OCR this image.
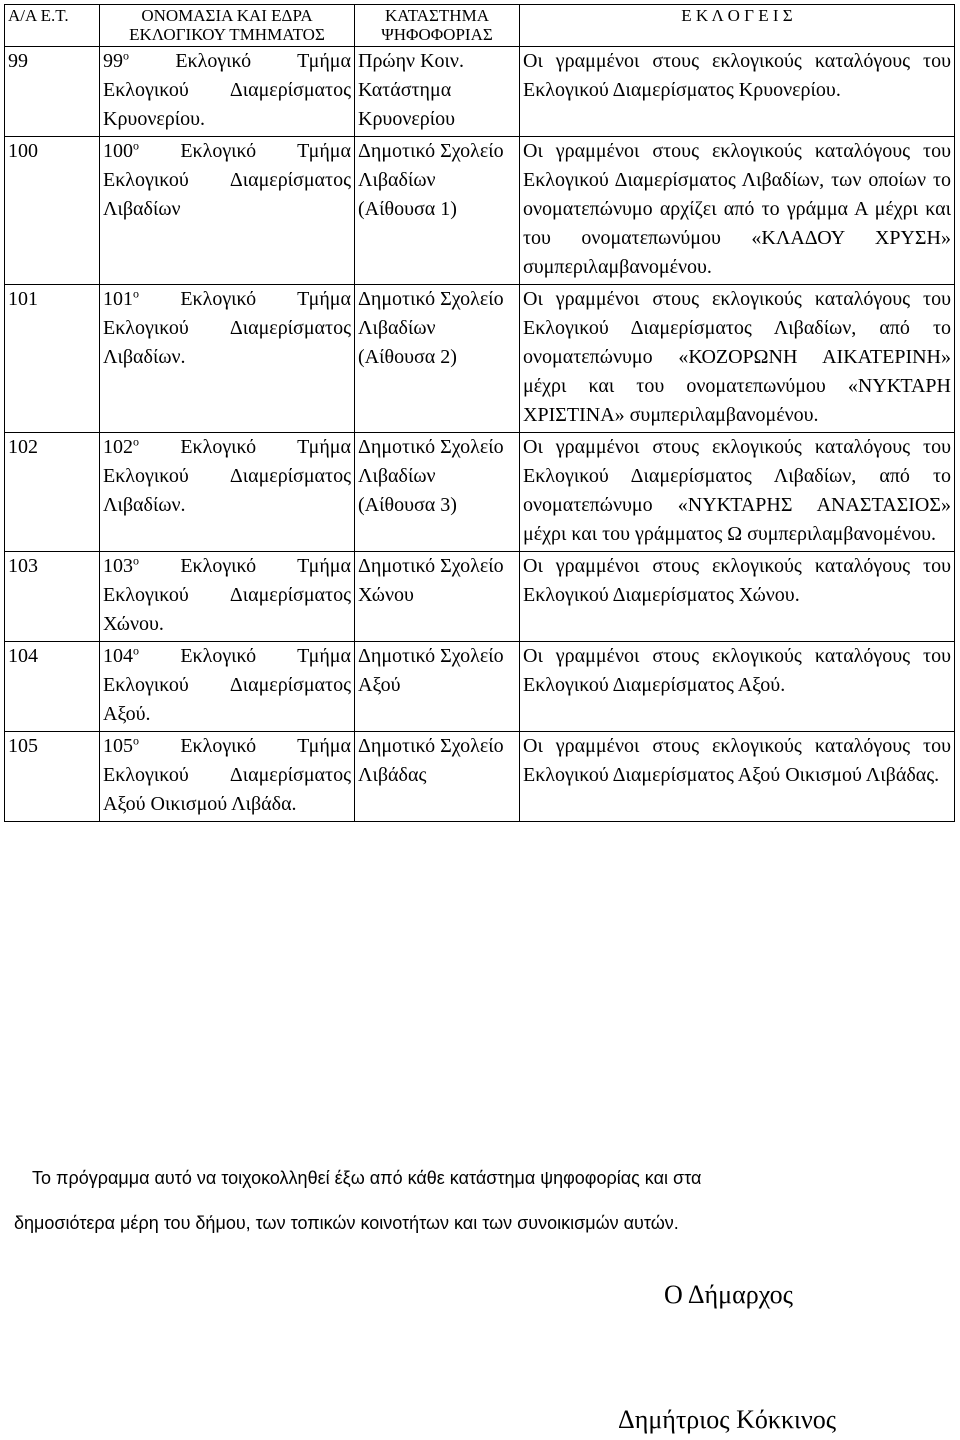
Α/Α Ε.Τ.	ΟΝΟΜΑΣΙΑ ΚΑΙ ΕΔΡΑ ΕΚΛΟΓΙΚΟΥ ΤΜΗΜΑΤΟΣ	ΚΑΤΑΣΤΗΜΑ ΨΗΦΟΦΟΡΙΑΣ	Ε Κ Λ Ο Γ Ε Ι Σ
99	$99^o$ Εκλογικό Τμήμα Εκλογικού Διαμερίσματος Κρυονερίου.	Πρώην Κοιν. Κατάστημα Κρυονερίου	Οι γραμμένοι στους εκλογικούς καταλόγους του Εκλογικού Διαμερίσματος Κρυονερίου.
100	$100^o$ Εκλογικό Τμήμα Εκλογικού Διαμερίσματος Λιβαδίων	Δημοτικό Σχολείο Λιβαδίων (Αίθουσα 1)	Οι γραμμένοι στους εκλογικούς καταλόγους του Εκλογικού Διαμερίσματος Λιβαδίων, των οποίων το ονοματεπώνυμο αρχίζει από το γράμμα Α μέχρι και του ονοματεπωνύμου «ΚΛΑΔΟΥ ΧΡΥΣΗ» συμπεριλαμβανομένου.
101	$101^o$ Εκλογικό Τμήμα Εκλογικού Διαμερίσματος Λιβαδίων.	Δημοτικό Σχολείο Λιβαδίων (Αίθουσα 2)	Οι γραμμένοι στους εκλογικούς καταλόγους του Εκλογικού Διαμερίσματος Λιβαδίων, από το ονοματεπώνυμο «ΚΟΖΟΡΩΝΗ ΑΙΚΑΤΕΡΙΝΗ» μέχρι και του ονοματεπωνύμου «ΝΥΚΤΑΡΗ ΧΡΙΣΤΙΝΑ» συμπεριλαμβανομένου.
102	$102^o$ Εκλογικό Τμήμα Εκλογικού Διαμερίσματος Λιβαδίων.	Δημοτικό Σχολείο Λιβαδίων (Αίθουσα 3)	Οι γραμμένοι στους εκλογικούς καταλόγους του Εκλογικού Διαμερίσματος Λιβαδίων, από το ονοματεπώνυμο «ΝΥΚΤΑΡΗΣ ΑΝΑΣΤΑΣΙΟΣ» μέχρι και του γράμματος Ω συμπεριλαμβανομένου.
103	$103^o$ Εκλογικό Τμήμα Εκλογικού Διαμερίσματος Χώνου.	Δημοτικό Σχολείο Χώνου	Οι γραμμένοι στους εκλογικούς καταλόγους του Εκλογικού Διαμερίσματος Χώνου.
104	$104^o$ Εκλογικό Τμήμα Εκλογικού Διαμερίσματος Αξού.	Δημοτικό Σχολείο Αξού	Οι γραμμένοι στους εκλογικούς καταλόγους του Εκλογικού Διαμερίσματος Αξού.
105	$105^o$ Εκλογικό Τμήμα Εκλογικού Διαμερίσματος Αξού Οικισμού Λιβάδα.	Δημοτικό Σχολείο Λιβάδας	Οι γραμμένοι στους εκλογικούς καταλόγους του Εκλογικού Διαμερίσματος Αξού Οικισμού Λιβάδας.

Το πρόγραμμα αυτό να τοιχοκολληθεί έξω από κάθε κατάστημα ψηφοφορίας και στα

δημοσιότερα μέρη του δήμου, των τοπικών κοινοτήτων και των συνοικισμών αυτών.

Ο Δήμαρχος
Δημήτριος Κόκκινος
